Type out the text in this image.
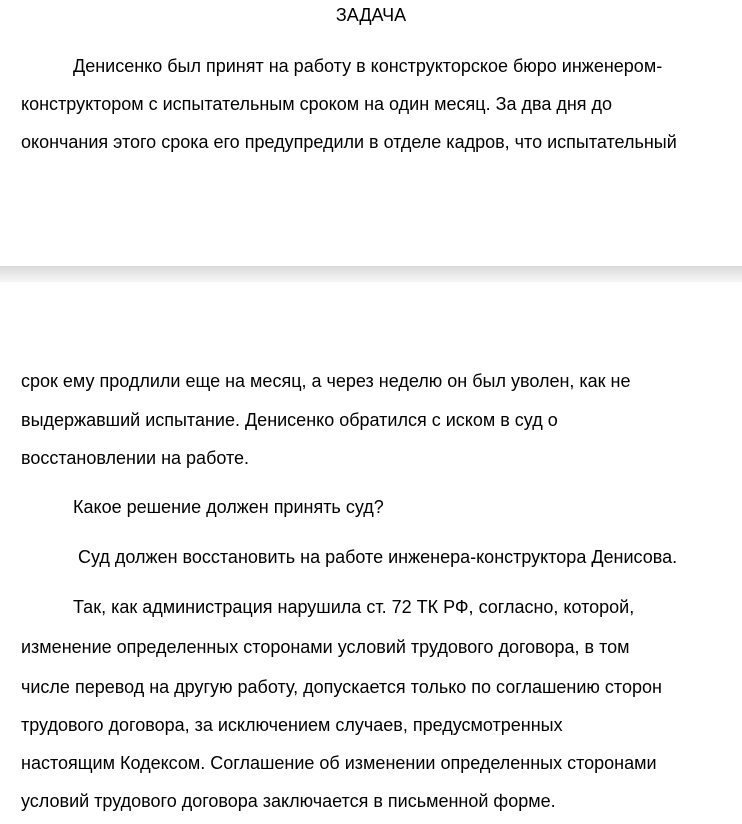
ЗАДАЧА
Денисенко был принят на работу в конструкторское бюро инженером-
конструктором с испытательным сроком на один месяц. За два дня до
окончания этого срока его предупредили в отделе кадров, что испытательный
срок ему продлили еще на месяц, а через неделю он был уволен, как не
выдержавший испытание. Денисенко обратился с иском в суд о
восстановлении на работе.
Какое решение должен принять суд?
Суд должен восстановить на работе инженера-конструктора Денисова.
Так, как администрация нарушила ст. 72 ТК РФ, согласно, которой,
изменение определенных сторонами условий трудового договора, в том
числе перевод на другую работу, допускается только по соглашению сторон
трудового договора, за исключением случаев, предусмотренных
настоящим Кодексом. Соглашение об изменении определенных сторонами
условий трудового договора заключается в письменной форме.
